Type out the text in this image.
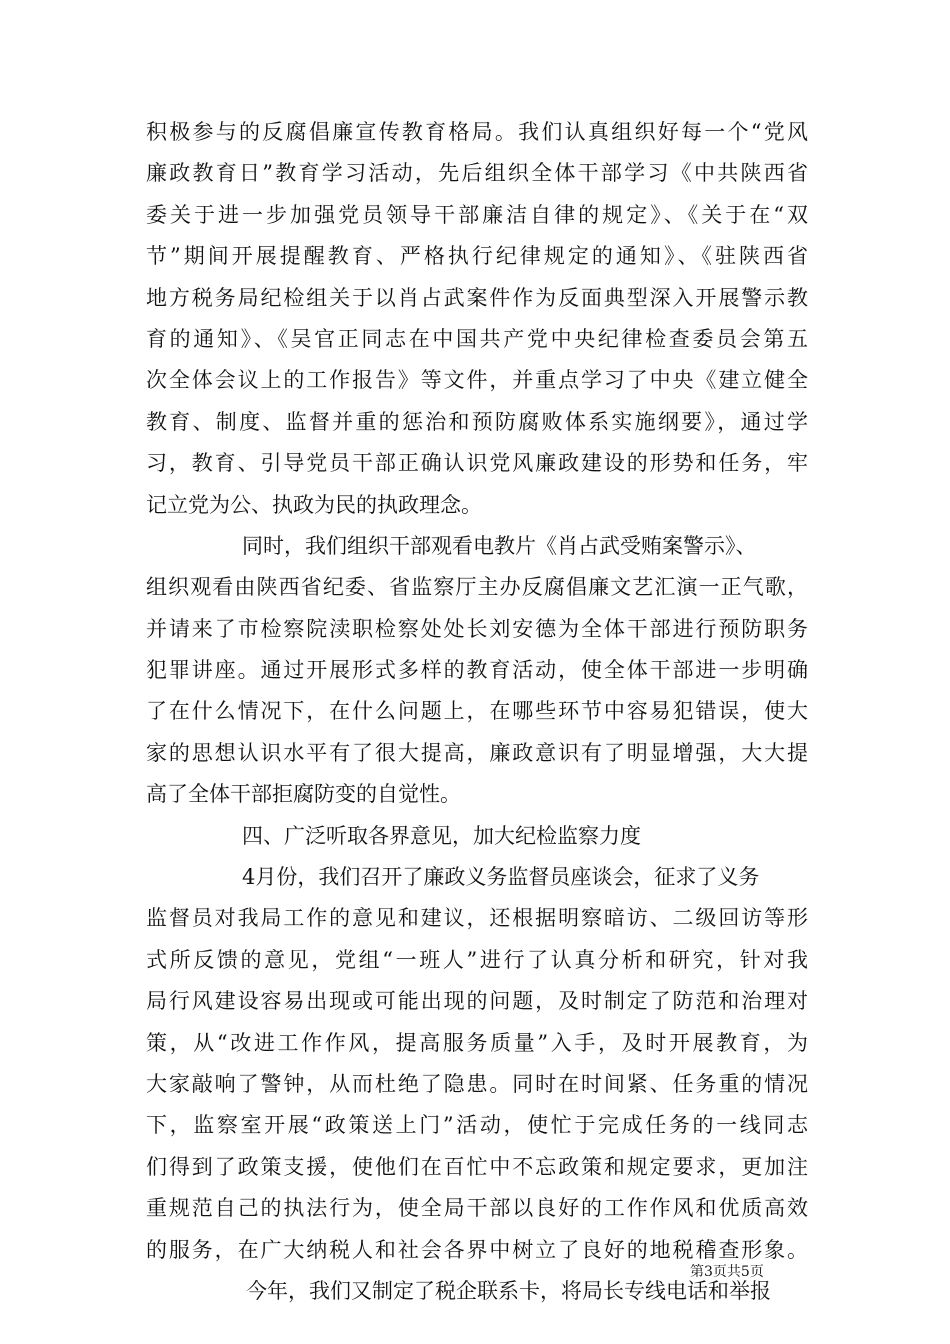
积极参与的反腐倡廉宣传教育格局。我们认真组织好每一个“党风
廉政教育日”教育学习活动，先后组织全体干部学习《中共陕西省
委关于进一步加强党员领导干部廉洁自律的规定》、《关于在“双
节”期间开展提醒教育、严格执行纪律规定的通知》、《驻陕西省
地方税务局纪检组关于以肖占武案件作为反面典型深入开展警示教
育的通知》、《吴官正同志在中国共产党中央纪律检查委员会第五
次全体会议上的工作报告》等文件，并重点学习了中央《建立健全
教育、制度、监督并重的惩治和预防腐败体系实施纲要》，通过学
习，教育、引导党员干部正确认识党风廉政建设的形势和任务，牢
记立党为公、执政为民的执政理念。
同时，我们组织干部观看电教片《肖占武受贿案警示》、
组织观看由陕西省纪委、省监察厅主办反腐倡廉文艺汇演一正气歌，
并请来了市检察院渎职检察处处长刘安德为全体干部进行预防职务
犯罪讲座。通过开展形式多样的教育活动，使全体干部进一步明确
了在什么情况下，在什么问题上，在哪些环节中容易犯错误，使大
家的思想认识水平有了很大提高，廉政意识有了明显增强，大大提
高了全体干部拒腐防变的自觉性。
四、广泛听取各界意见，加大纪检监察力度
4月份，我们召开了廉政义务监督员座谈会，征求了义务
监督员对我局工作的意见和建议，还根据明察暗访、二级回访等形
式所反馈的意见，党组“一班人”进行了认真分析和研究，针对我
局行风建设容易出现或可能出现的问题，及时制定了防范和治理对
策，从“改进工作作风，提高服务质量”入手，及时开展教育，为
大家敲响了警钟，从而杜绝了隐患。同时在时间紧、任务重的情况
下，监察室开展“政策送上门”活动，使忙于完成任务的一线同志
们得到了政策支援，使他们在百忙中不忘政策和规定要求，更加注
重规范自己的执法行为，使全局干部以良好的工作作风和优质高效
的服务，在广大纳税人和社会各界中树立了良好的地税稽查形象。
今年，我们又制定了税企联系卡，将局长专线电话和举报
第3页共5页
